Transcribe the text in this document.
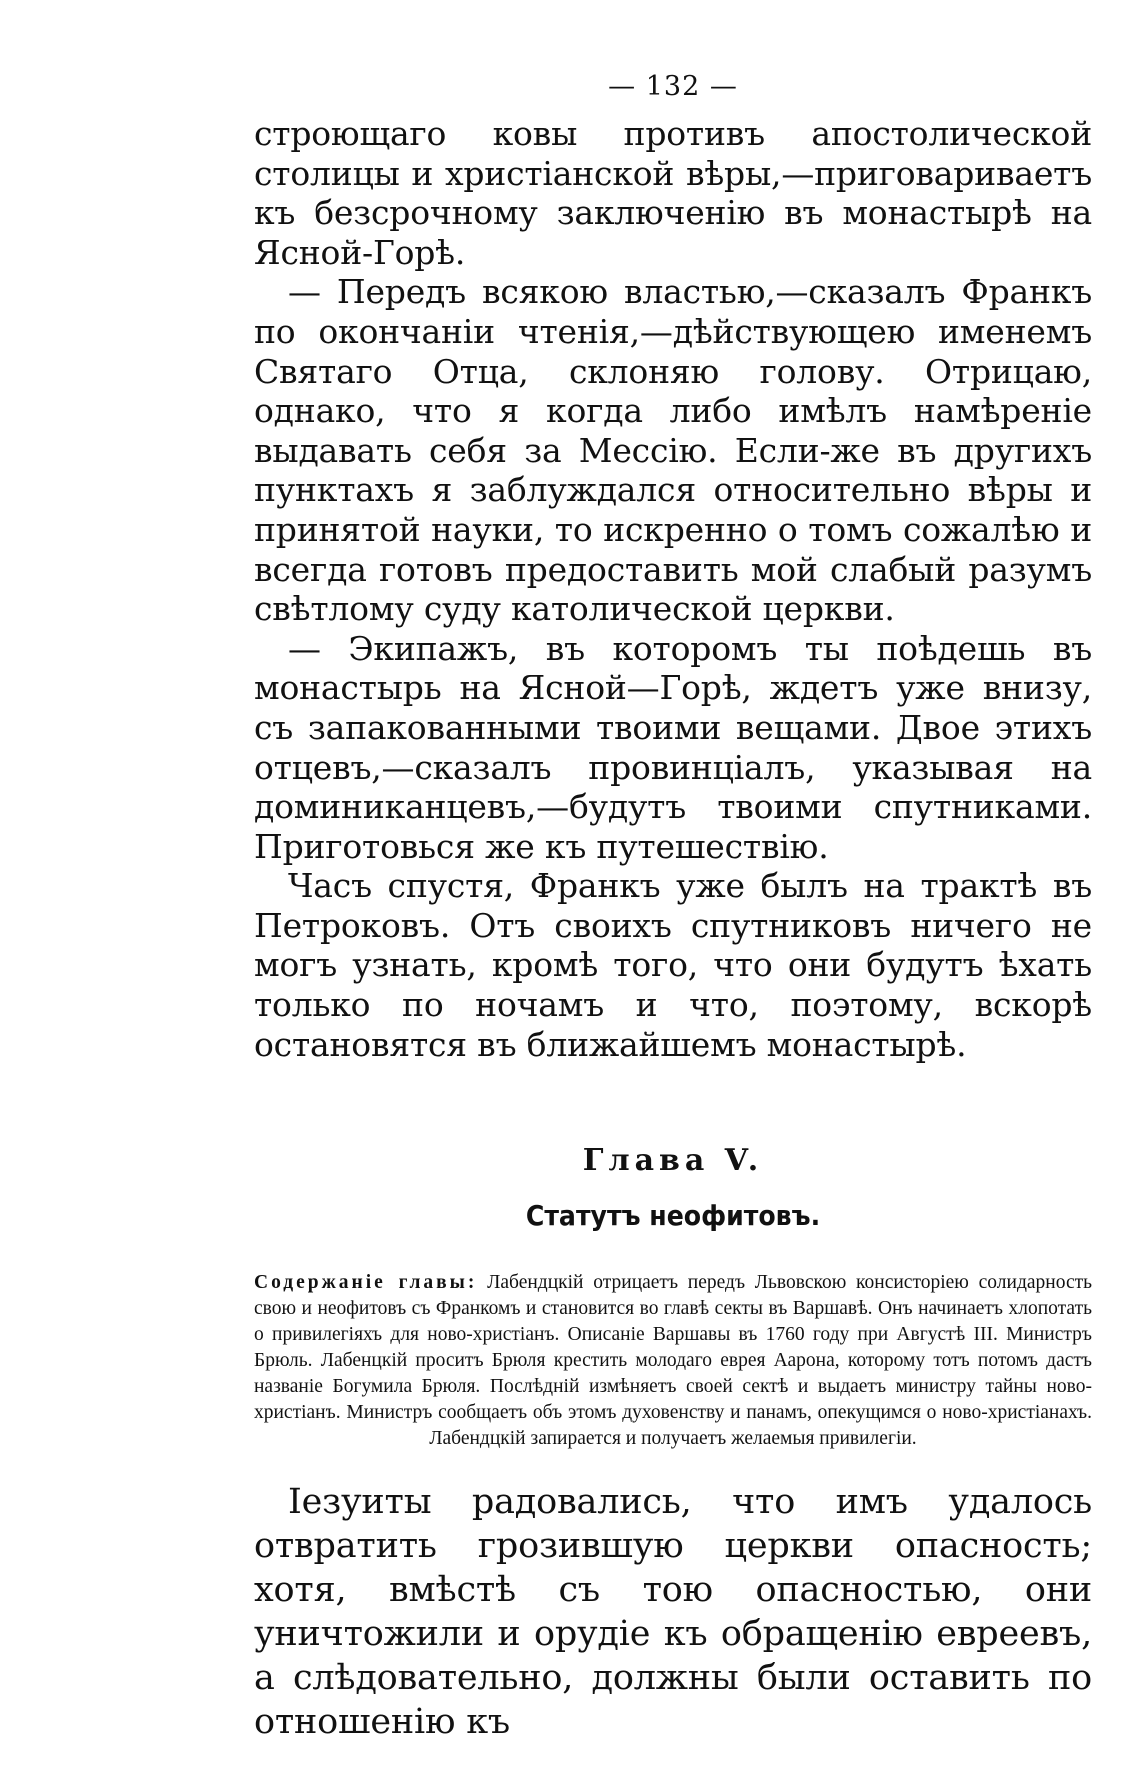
— 132 —

строющаго ковы противъ апостолической столицы и христіанской вѣры,—приговариваетъ къ безсрочному заключенію въ монастырѣ на Ясной-Горѣ.

— Передъ всякою властью,—сказалъ Франкъ по окончаніи чтенія,—дѣйствующею именемъ Святаго Отца, склоняю голову. Отрицаю, однако, что я когда либо имѣлъ намѣреніе выдавать себя за Мессію. Если-же въ другихъ пунктахъ я заблуждался относительно вѣры и принятой науки, то искренно о томъ сожалѣю и всегда готовъ предоставить мой слабый разумъ свѣтлому суду католической церкви.

— Экипажъ, въ которомъ ты поѣдешь въ монастырь на Ясной—Горѣ, ждетъ уже внизу, съ запакованными твоими вещами. Двое этихъ отцевъ,—сказалъ провинціалъ, указывая на доминиканцевъ,—будутъ твоими спутниками. Приготовься же къ путешествію.

Часъ спустя, Франкъ уже былъ на трактѣ въ Петроковъ. Отъ своихъ спутниковъ ничего не могъ узнать, кромѣ того, что они будутъ ѣхать только по ночамъ и что, поэтому, вскорѣ остановятся въ ближайшемъ монастырѣ.

Глава V.
Статутъ неофитовъ.

Содержаніе главы: Лабендцкій отрицаетъ передъ Львовскою консисторіею солидарность свою и неофитовъ съ Франкомъ и становится во главѣ секты въ Варшавѣ. Онъ начинаетъ хлопотать о привилегіяхъ для ново-христіанъ. Описаніе Варшавы въ 1760 году при Августѣ III. Министръ Брюль. Лабенцкій проситъ Брюля крестить молодаго еврея Аарона, которому тотъ потомъ дастъ названіе Богумила Брюля. Послѣдній измѣняетъ своей сектѣ и выдаетъ министру тайны ново-христіанъ. Министръ сообщаетъ объ этомъ духовенству и панамъ, опекущимся о ново-христіанахъ. Лабендцкій запирается и получаетъ желаемыя привилегіи.

Іезуиты радовались, что имъ удалось отвратить грозившую церкви опасность; хотя, вмѣстѣ съ тою опасностью, они уничтожили и орудіе къ обращенію евреевъ, а слѣдовательно, должны были оставить по отношенію къ
